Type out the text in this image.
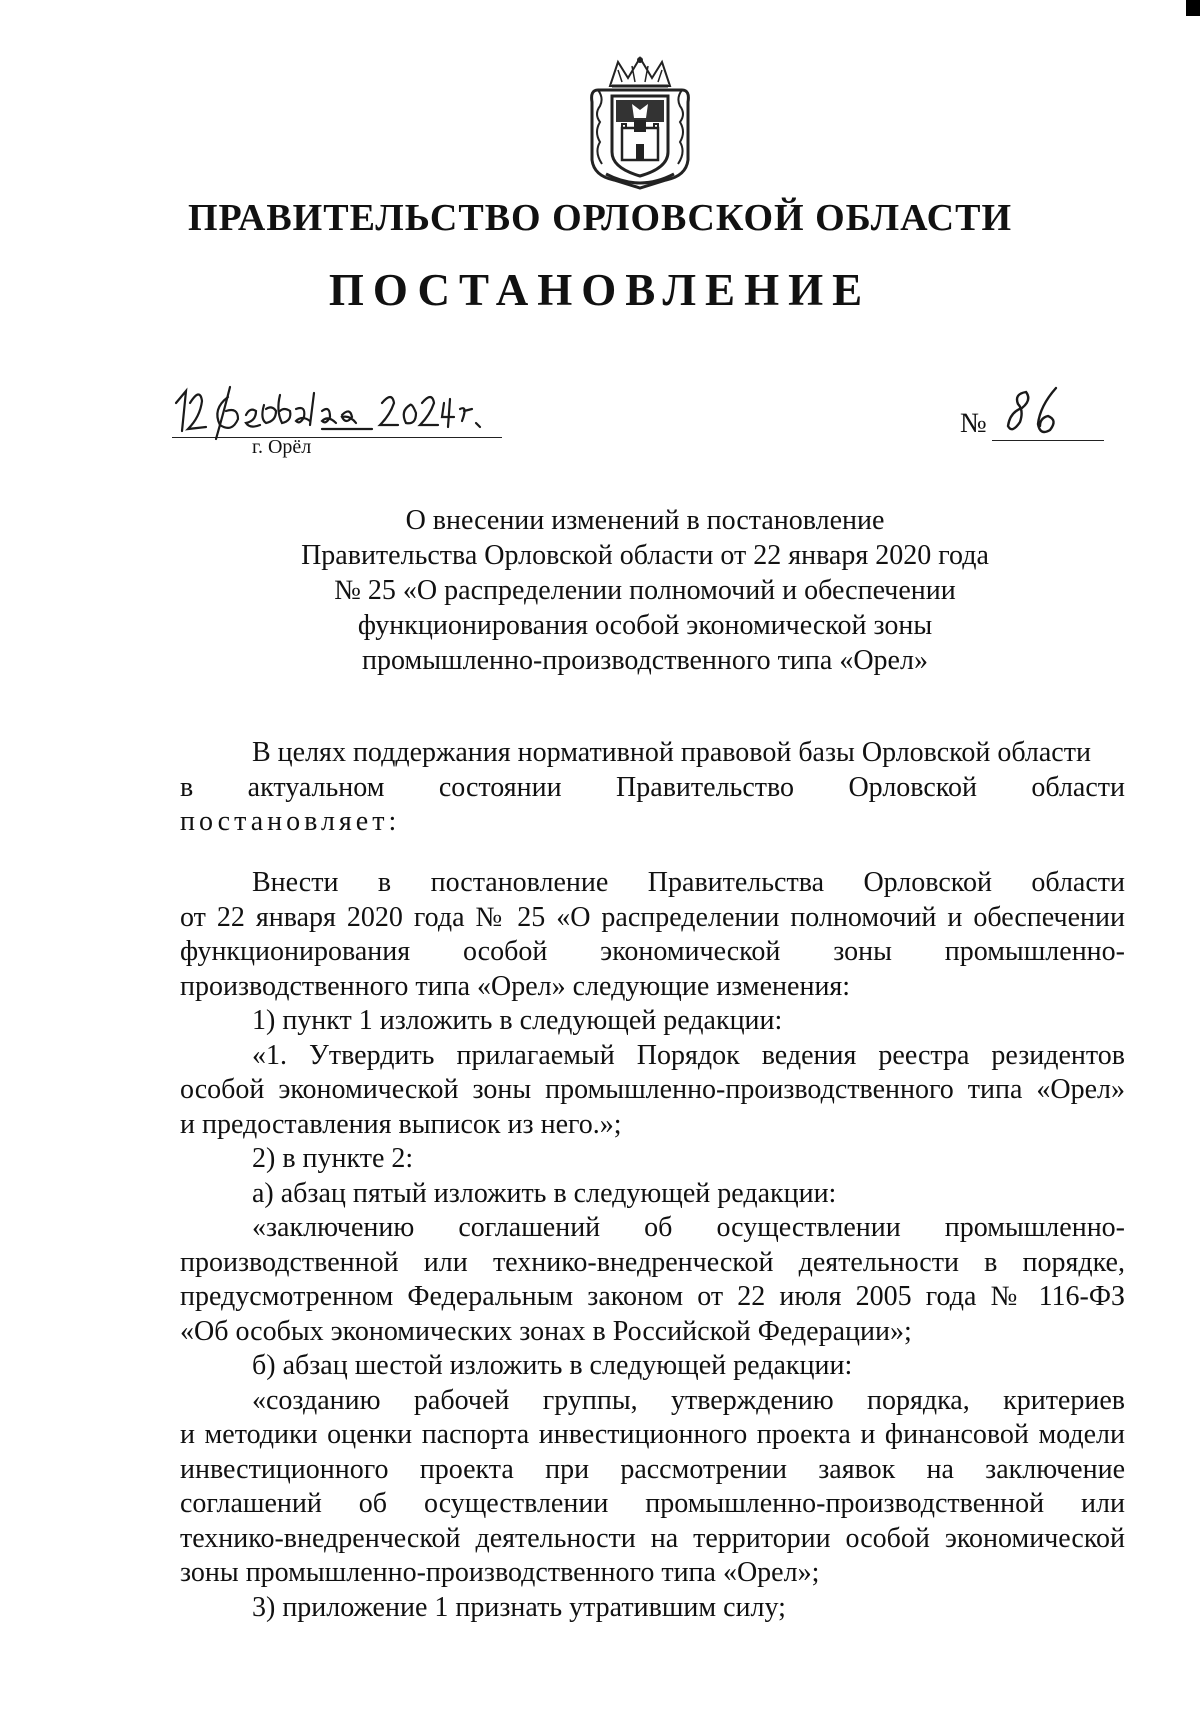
ПРАВИТЕЛЬСТВО ОРЛОВСКОЙ ОБЛАСТИ
ПОСТАНОВЛЕНИЕ
г. Орёл
№

О внесении изменений в постановление

Правительства Орловской области от 22 января 2020 года

№ 25 «О распределении полномочий и обеспечении

функционирования особой экономической зоны

промышленно-производственного типа «Орел»

В целях поддержания нормативной правовой базы Орловской области

в актуальном состоянии Правительство Орловской области

постановляет:

Внести в постановление Правительства Орловской области

от 22 января 2020 года № 25 «О распределении полномочий и обеспечении

функционирования особой экономической зоны промышленно-

производственного типа «Орел» следующие изменения:

1) пункт 1 изложить в следующей редакции:

«1. Утвердить прилагаемый Порядок ведения реестра резидентов

особой экономической зоны промышленно-производственного типа «Орел»

и предоставления выписок из него.»;

2) в пункте 2:

а) абзац пятый изложить в следующей редакции:

«заключению соглашений об осуществлении промышленно-

производственной или технико-внедренческой деятельности в порядке,

предусмотренном Федеральным законом от 22 июля 2005 года № 116-ФЗ

«Об особых экономических зонах в Российской Федерации»;

б) абзац шестой изложить в следующей редакции:

«созданию рабочей группы, утверждению порядка, критериев

и методики оценки паспорта инвестиционного проекта и финансовой модели

инвестиционного проекта при рассмотрении заявок на заключение

соглашений об осуществлении промышленно-производственной или

технико-внедренческой деятельности на территории особой экономической

зоны промышленно-производственного типа «Орел»;

3) приложение 1 признать утратившим силу;
